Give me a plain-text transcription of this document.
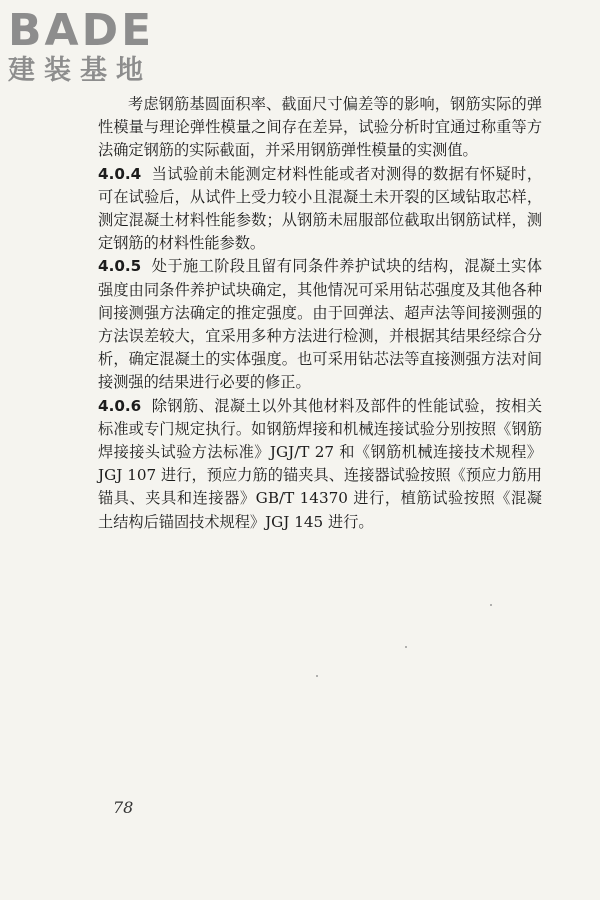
BADE
建装基地

考虑钢筋基圆面积率、截面尺寸偏差等的影响，钢筋实际的弹性模量与理论弹性模量之间存在差异，试验分析时宜通过称重等方法确定钢筋的实际截面，并采用钢筋弹性模量的实测值。

4.0.4 当试验前未能测定材料性能或者对测得的数据有怀疑时，可在试验后，从试件上受力较小且混凝土未开裂的区域钻取芯样，测定混凝土材料性能参数；从钢筋未屈服部位截取出钢筋试样，测定钢筋的材料性能参数。

4.0.5 处于施工阶段且留有同条件养护试块的结构，混凝土实体强度由同条件养护试块确定，其他情况可采用钻芯强度及其他各种间接测强方法确定的推定强度。由于回弹法、超声法等间接测强的方法误差较大，宜采用多种方法进行检测，并根据其结果经综合分析，确定混凝土的实体强度。也可采用钻芯法等直接测强方法对间接测强的结果进行必要的修正。

4.0.6 除钢筋、混凝土以外其他材料及部件的性能试验，按相关标准或专门规定执行。如钢筋焊接和机械连接试验分别按照《钢筋焊接接头试验方法标准》JGJ/T 27 和《钢筋机械连接技术规程》JGJ 107 进行，预应力筋的锚夹具、连接器试验按照《预应力筋用锚具、夹具和连接器》GB/T 14370 进行，植筋试验按照《混凝土结构后锚固技术规程》JGJ 145 进行。

78
